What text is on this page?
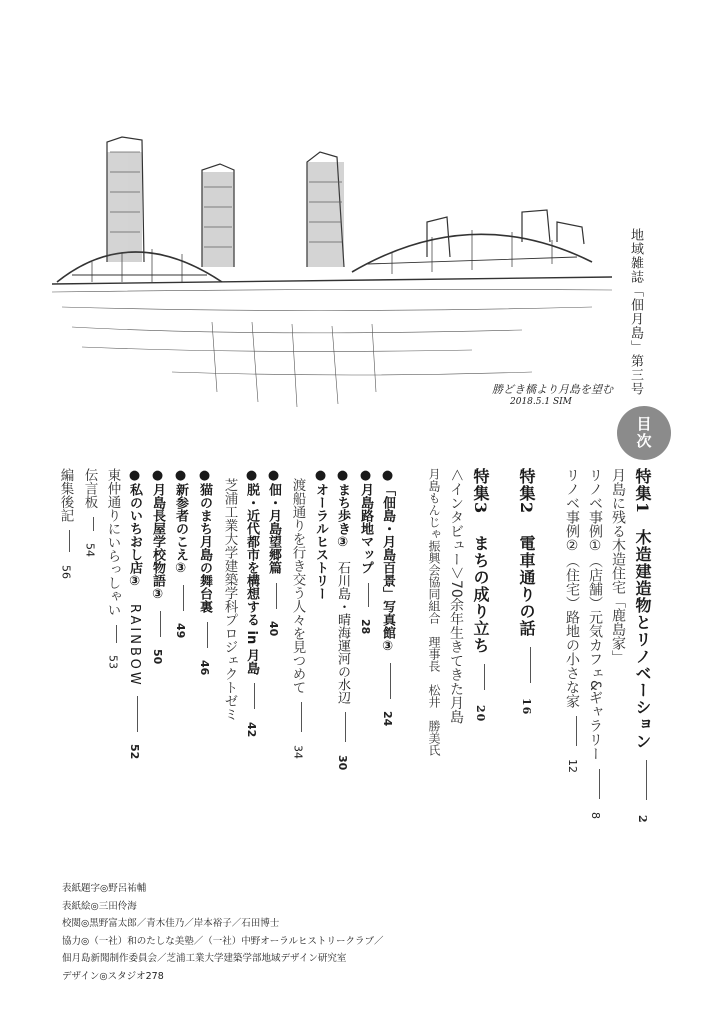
勝どき橋より月島を望む
2018.5.1 SIM
地域雑誌「佃月島」第三号
目次
特集1 木造建造物とリノベーション  2
月島に残る木造住宅「鹿島家」
リノベ事例①（店舗）元気カフェ&ギャラリー  8
リノベ事例②（住宅）路地の小さな家  12
特集2 電車通りの話  16
特集3 まちの成り立ち  20
＜インタビュー＞70余年生きてきた月島
月島もんじゃ振興会協同組合　理事長　松井　勝美氏
●「佃島・月島百景」写真館③  24
●月島路地マップ  28
●まち歩き③ 石川島・晴海運河の水辺  30
●オーラルヒストリー
渡船通りを行き交う人々を見つめて  34
●佃・月島望郷篇  40
●脱・近代都市を構想する in 月島  42
芝浦工業大学建築学科プロジェクトゼミ
●猫のまち月島の舞台裏  46
●新参者のこえ③  49
●月島長屋学校物語③  50
●私のいちおし店③ RAINBOW  52
東仲通りにいらっしゃい  53
伝言板  54
編集後記  56
表紙題字◎野呂祐輔
表紙絵◎三田伶海
校閲◎黒野富太郎／青木佳乃／岸本裕子／石田博士
協力◎（一社）和のたしな美塾／（一社）中野オーラルヒストリークラブ／
佃月島新聞制作委員会／芝浦工業大学建築学部地域デザイン研究室
デザイン◎スタジオ278
